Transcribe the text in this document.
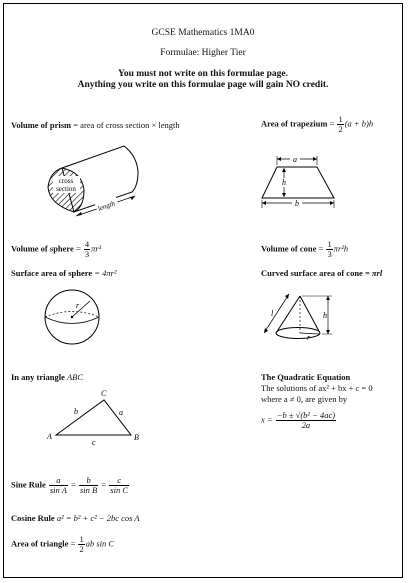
GCSE Mathematics 1MA0
Formulae: Higher Tier
You must not write on this formulae page.
Anything you write on this formulae page will gain NO credit.
Volume of prism = area of cross section × length
cross
section
length
Area of trapezium = $\frac{1}{2} (a + b)h$
a
h
b
Volume of sphere = $\frac{4}{3} \pi r^3$
Surface area of sphere = 4πr²
r
Volume of cone = $\frac{1}{3} \pi r^2h$
Curved surface area of cone = πrl
r
l	h
In any triangle ABC
A
C
B
b	a
c
The Quadratic Equation
The solutions of ax² + bx + c = 0
where a ≠ 0, are given by
$x = \frac{\text{−b ± √(b² − 4ac)}}{2a}$
Sine Rule $\frac{a}{\text{sin A}} = \frac{b}{\text{sin B}} = \frac{c}{\text{sin C}}$
Cosine Rule a² = b² + c² − 2bc cos A
Area of triangle = $\frac{1}{2}$ ab sin C
